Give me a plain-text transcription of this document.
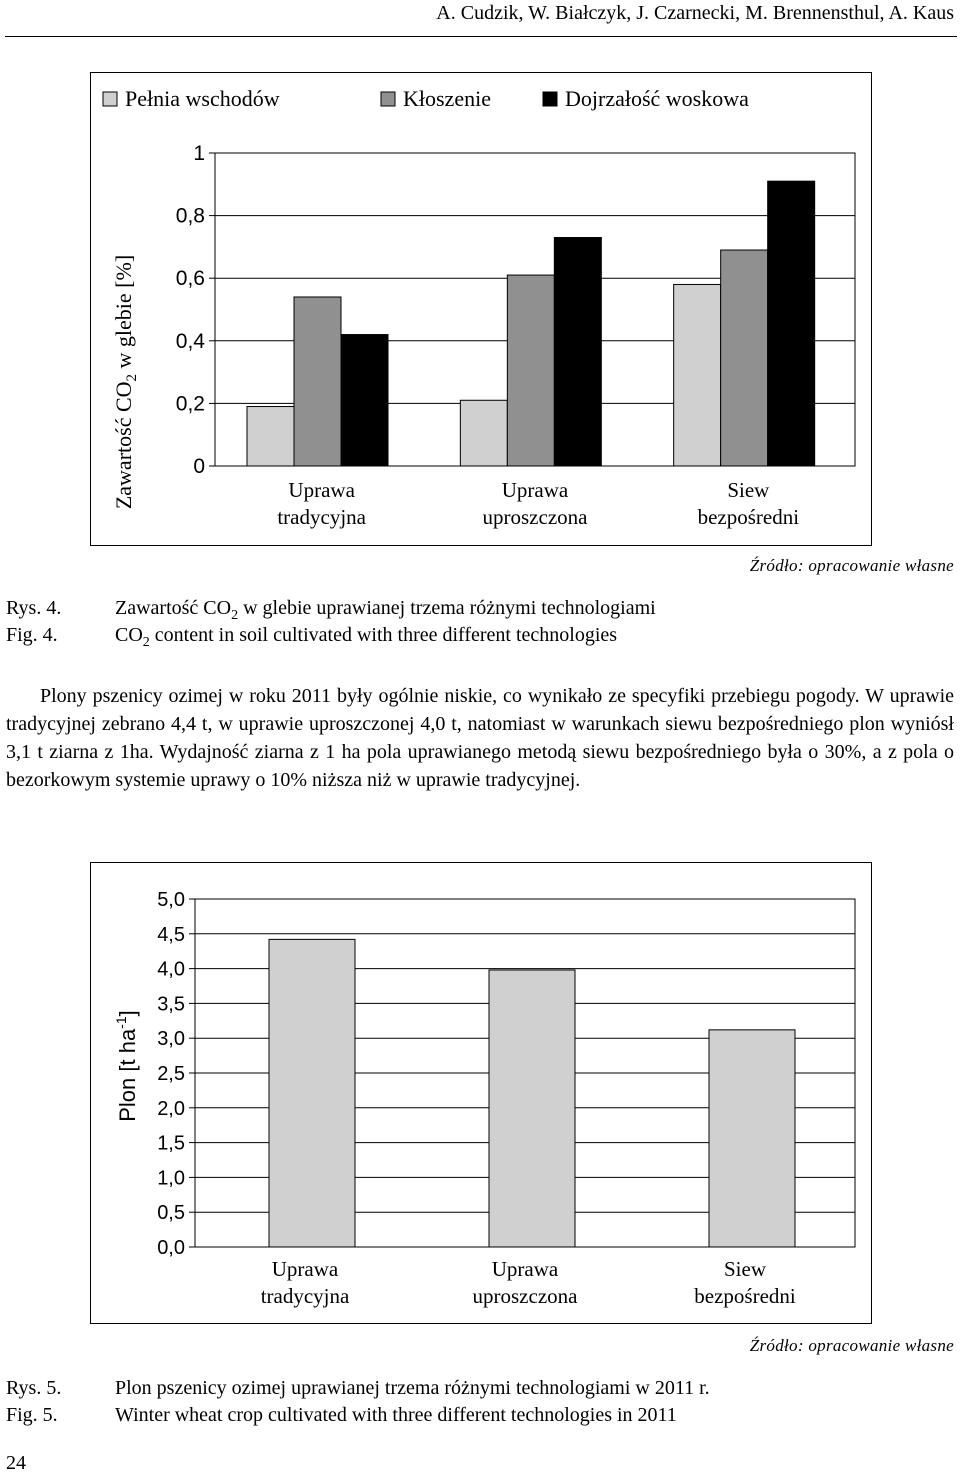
A. Cudzik, W. Białczyk, J. Czarnecki, M. Brennensthul, A. Kaus
Pełnia wschodów	Kłoszenie	Dojrzałość woskowa
Zawartość $CO_2$ w glebie [%]
0
0,2
0,4
0,6
0,8
1
Uprawa
tradycyjna
Uprawa
uproszczona
Siew
bezpośredni
Źródło: opracowanie własne
Rys. 4.	Zawartość $CO_2$ w glebie uprawianej trzema różnymi technologiami
Fig. 4.	$CO_2$ content in soil cultivated with three different technologies

Plony pszenicy ozimej w roku 2011 były ogólnie niskie, co wynikało ze specyfiki przebiegu pogody. W uprawie tradycyjnej zebrano 4,4 t, w uprawie uproszczonej 4,0 t, natomiast w warunkach siewu bezpośredniego plon wyniósł 3,1 t ziarna z 1ha. Wydajność ziarna z 1 ha pola uprawianego metodą siewu bezpośredniego była o 30%, a z pola o bezorkowym systemie uprawy o 10% niższa niż w uprawie tradycyjnej.

Plon [t $ha^{-1}$]
0,0
0,5
1,0
1,5
2,0
2,5
3,0
3,5
4,0
4,5
5,0
Uprawa
tradycyjna
Uprawa
uproszczona
Siew
bezpośredni
Źródło: opracowanie własne
Rys. 5.	Plon pszenicy ozimej uprawianej trzema różnymi technologiami w 2011 r.
Fig. 5.	Winter wheat crop cultivated with three different technologies in 2011
24
